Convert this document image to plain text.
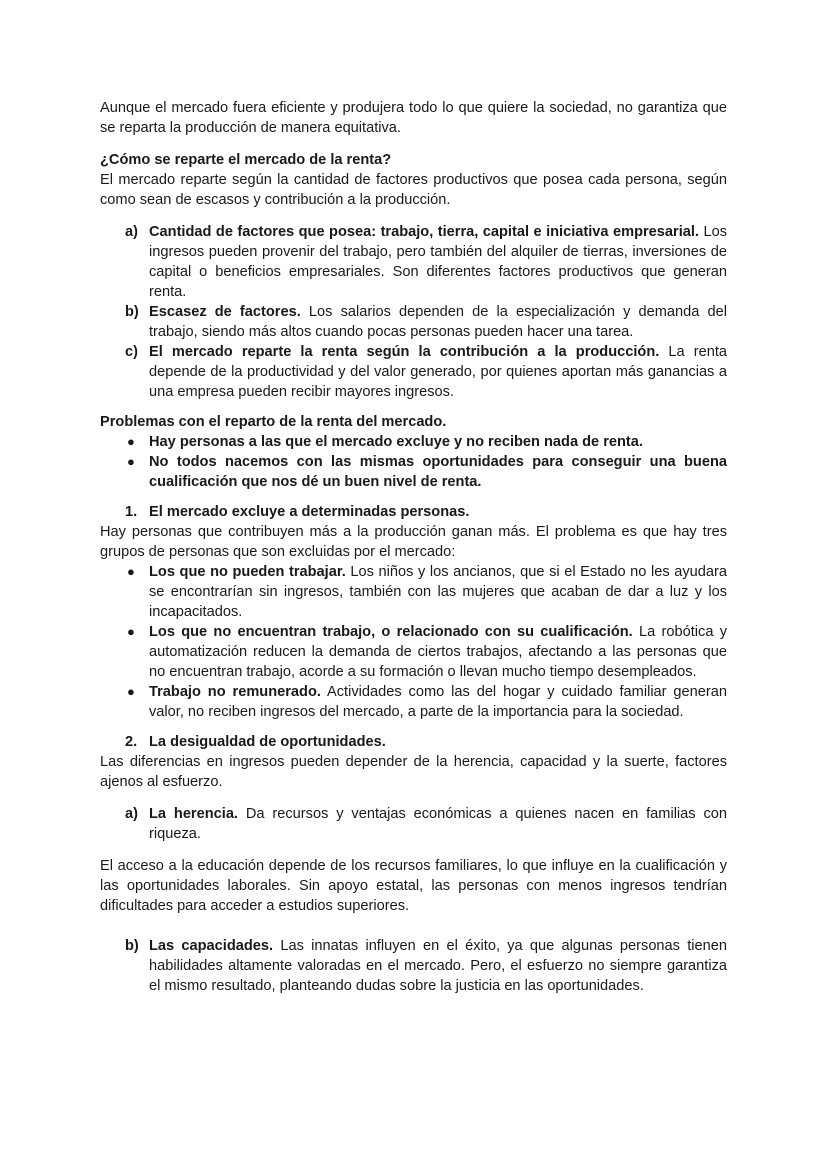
Aunque el mercado fuera eficiente y produjera todo lo que quiere la sociedad, no garantiza que se reparta la producción de manera equitativa.

¿Cómo se reparte el mercado de la renta?

El mercado reparte según la cantidad de factores productivos que posea cada persona, según como sean de escasos y contribución a la producción.

a) Cantidad de factores que posea: trabajo, tierra, capital e iniciativa empresarial. Los ingresos pueden provenir del trabajo, pero también del alquiler de tierras, inversiones de capital o beneficios empresariales. Son diferentes factores productivos que generan renta.
b) Escasez de factores. Los salarios dependen de la especialización y demanda del trabajo, siendo más altos cuando pocas personas pueden hacer una tarea.
c) El mercado reparte la renta según la contribución a la producción. La renta depende de la productividad y del valor generado, por quienes aportan más ganancias a una empresa pueden recibir mayores ingresos.

Problemas con el reparto de la renta del mercado.

● Hay personas a las que el mercado excluye y no reciben nada de renta.
● No todos nacemos con las mismas oportunidades para conseguir una buena cualificación que nos dé un buen nivel de renta.
1. El mercado excluye a determinadas personas.

Hay personas que contribuyen más a la producción ganan más. El problema es que hay tres grupos de personas que son excluidas por el mercado:

● Los que no pueden trabajar. Los niños y los ancianos, que si el Estado no les ayudara se encontrarían sin ingresos, también con las mujeres que acaban de dar a luz y los incapacitados.
● Los que no encuentran trabajo, o relacionado con su cualificación. La robótica y automatización reducen la demanda de ciertos trabajos, afectando a las personas que no encuentran trabajo, acorde a su formación o llevan mucho tiempo desempleados.
● Trabajo no remunerado. Actividades como las del hogar y cuidado familiar generan valor, no reciben ingresos del mercado, a parte de la importancia para la sociedad.
2. La desigualdad de oportunidades.

Las diferencias en ingresos pueden depender de la herencia, capacidad y la suerte, factores ajenos al esfuerzo.

a) La herencia. Da recursos y ventajas económicas a quienes nacen en familias con riqueza.

El acceso a la educación depende de los recursos familiares, lo que influye en la cualificación y las oportunidades laborales. Sin apoyo estatal, las personas con menos ingresos tendrían dificultades para acceder a estudios superiores.

b) Las capacidades. Las innatas influyen en el éxito, ya que algunas personas tienen habilidades altamente valoradas en el mercado. Pero, el esfuerzo no siempre garantiza el mismo resultado, planteando dudas sobre la justicia en las oportunidades.
